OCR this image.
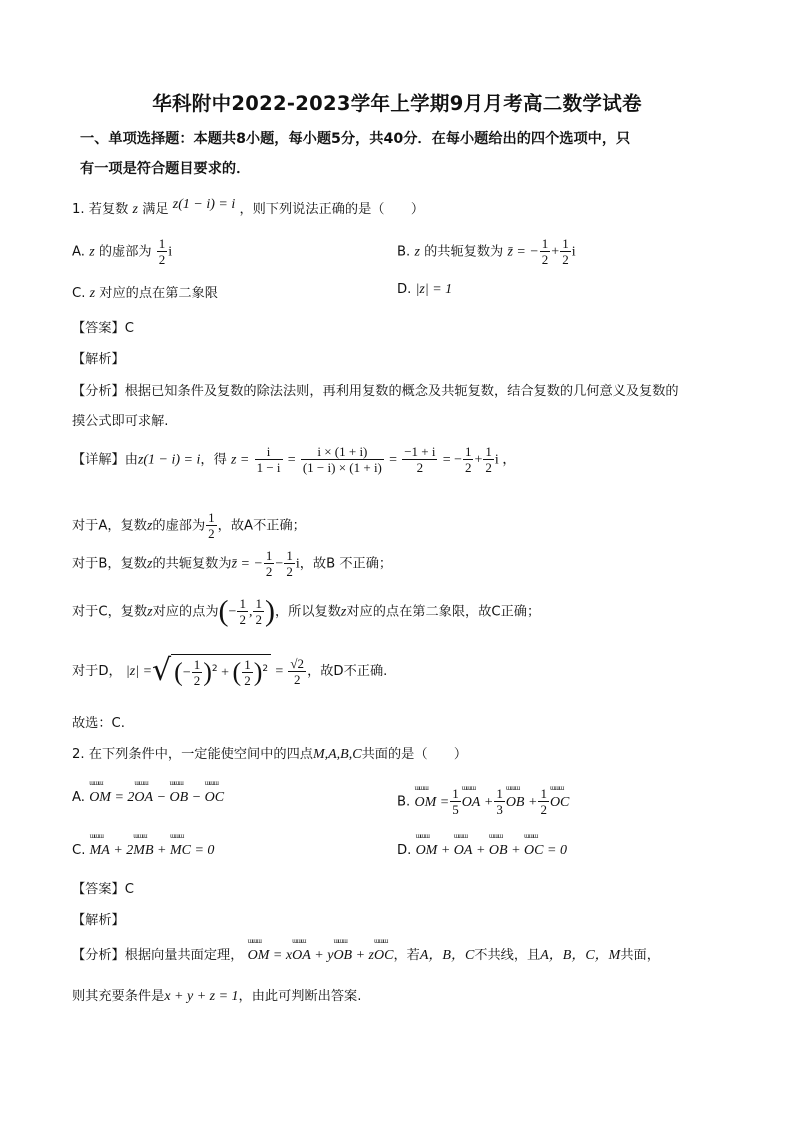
华科附中2022-2023学年上学期9月月考高二数学试卷
一、单项选择题：本题共8小题，每小题5分，共40分．在每小题给出的四个选项中，只
有一项是符合题目要求的．
1. 若复数 z 满足 z(1 − i) = i ，则下列说法正确的是（　　）
A. z 的虚部为 $\frac{1}{2}$ i	B. z 的共轭复数为 z̄ = − $\frac{1}{2} + \frac{1}{2}$ i
C. z 对应的点在第二象限	D. |z| = 1
【答案】C
【解析】
【分析】根据已知条件及复数的除法法则，再利用复数的概念及共轭复数，结合复数的几何意义及复数的
摸公式即可求解.
【详解】由z(1 − i) = i，得 $z = \frac{i}{1 - i} = \frac{i \times (1 + i)}{(1 - i) \times (1 + i)} = \frac{-1 + i}{2}$ = − $\frac{1}{2} + \frac{1}{2}$ i ，
对于A，复数z的虚部为 $\frac{1}{2}$ ，故A不正确；
对于B，复数z的共轭复数为z̄ = − $\frac{1}{2} - \frac{1}{2}$ i，故B 不正确；
对于C，复数z对应的点为(− $\frac{1}{2}$ , $\frac{1}{2}$ )，所以复数z对应的点在第二象限，故C正确；
对于D， |z| =√ (− $\frac{1}{2} )^2$ + ( $\frac{1}{2} )^2 = \frac{√2}{2}$ ，故D不正确.
故选：C.
2. 在下列条件中，一定能使空间中的四点M,A,B,C共面的是（　　）
A. ɯɯɯ OM = 2ɯɯɯ OA − ɯɯɯ OB − ɯɯɯ OC	B. ɯɯɯ OM = $\frac{1}{5}$ ɯɯɯ OA + $\frac{1}{3}$ ɯɯɯ OB + $\frac{1}{2}$ ɯɯɯ OC
C. ɯɯɯ MA + 2ɯɯɯ MB + ɯɯɯ MC = 0	D. ɯɯɯ OM + ɯɯɯ OA + ɯɯɯ OB + ɯɯɯ OC = 0
【答案】C
【解析】
【分析】根据向量共面定理， ɯɯɯ OM = xɯɯɯ OA + yɯɯɯ OB + zɯɯɯ OC，若A，B，C不共线，且A，B，C，M共面，
则其充要条件是x + y + z = 1，由此可判断出答案.
